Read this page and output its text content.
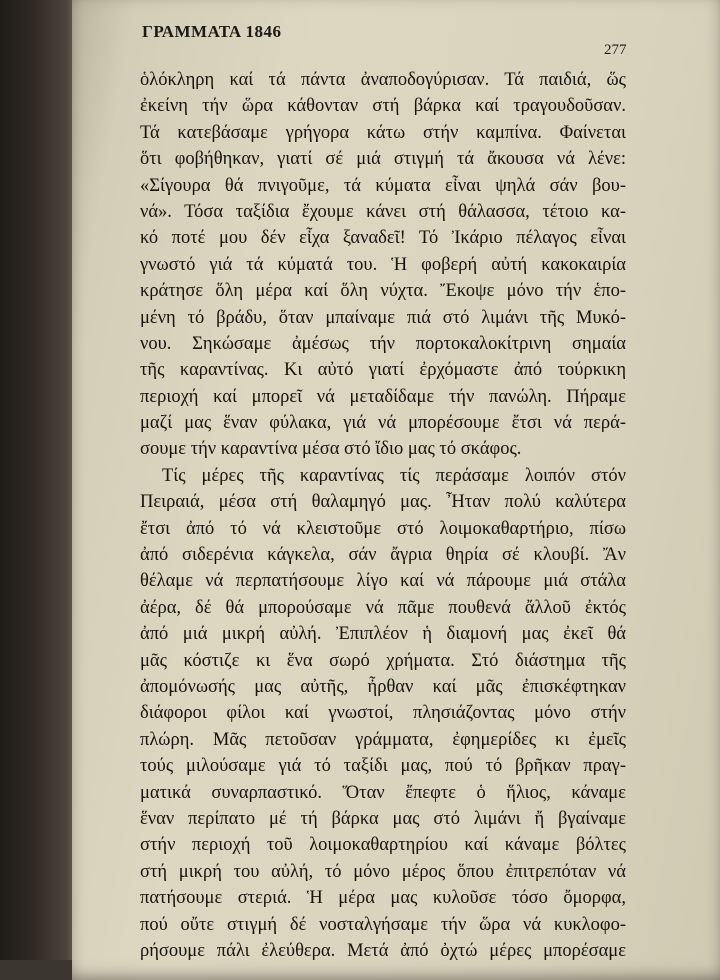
ΓΡΑΜΜΑΤΑ 1846
277
ὁλόκληρη καί τά πάντα ἀναποδογύρισαν. Τά παιδιά, ὥς
ἐκείνη τήν ὥρα κάθονταν στή βάρκα καί τραγουδοῦσαν.
Τά κατεβάσαμε γρήγορα κάτω στήν καμπίνα. Φαίνεται
ὅτι φοβήθηκαν, γιατί σέ μιά στιγμή τά ἄκουσα νά λένε:
«Σίγουρα θά πνιγοῦμε, τά κύματα εἶναι ψηλά σάν βου-
νά». Τόσα ταξίδια ἔχουμε κάνει στή θάλασσα, τέτοιο κα-
κό ποτέ μου δέν εἶχα ξαναδεῖ! Τό Ἰκάριο πέλαγος εἶναι
γνωστό γιά τά κύματά του. Ἡ φοβερή αὐτή κακοκαιρία
κράτησε ὅλη μέρα καί ὅλη νύχτα. Ἔκοψε μόνο τήν ἑπο-
μένη τό βράδυ, ὅταν μπαίναμε πιά στό λιμάνι τῆς Μυκό-
νου. Σηκώσαμε ἀμέσως τήν πορτοκαλοκίτρινη σημαία
τῆς καραντίνας. Κι αὐτό γιατί ἐρχόμαστε ἀπό τούρκικη
περιοχή καί μπορεῖ νά μεταδίδαμε τήν πανώλη. Πήραμε
μαζί μας ἕναν φύλακα, γιά νά μπορέσουμε ἔτσι νά περά-
σουμε τήν καραντίνα μέσα στό ἴδιο μας τό σκάφος.
Τίς μέρες τῆς καραντίνας τίς περάσαμε λοιπόν στόν
Πειραιά, μέσα στή θαλαμηγό μας. Ἦταν πολύ καλύτερα
ἔτσι ἀπό τό νά κλειστοῦμε στό λοιμοκαθαρτήριο, πίσω
ἀπό σιδερένια κάγκελα, σάν ἄγρια θηρία σέ κλουβί. Ἄν
θέλαμε νά περπατήσουμε λίγο καί νά πάρουμε μιά στάλα
ἀέρα, δέ θά μπορούσαμε νά πᾶμε πουθενά ἄλλοῦ ἐκτός
ἀπό μιά μικρή αὐλή. Ἐπιπλέον ἡ διαμονή μας ἐκεῖ θά
μᾶς κόστιζε κι ἕνα σωρό χρήματα. Στό διάστημα τῆς
ἀπομόνωσής μας αὐτῆς, ἦρθαν καί μᾶς ἐπισκέφτηκαν
διάφοροι φίλοι καί γνωστοί, πλησιάζοντας μόνο στήν
πλώρη. Μᾶς πετοῦσαν γράμματα, ἐφημερίδες κι ἐμεῖς
τούς μιλούσαμε γιά τό ταξίδι μας, πού τό βρῆκαν πραγ-
ματικά συναρπαστικό. Ὅταν ἔπεφτε ὁ ἥλιος, κάναμε
ἕναν περίπατο μέ τή βάρκα μας στό λιμάνι ἤ βγαίναμε
στήν περιοχή τοῦ λοιμοκαθαρτηρίου καί κάναμε βόλτες
στή μικρή του αὐλή, τό μόνο μέρος ὅπου ἐπιτρεπόταν νά
πατήσουμε στεριά. Ἡ μέρα μας κυλοῦσε τόσο ὄμορφα,
πού οὔτε στιγμή δέ νοσταλγήσαμε τήν ὥρα νά κυκλοφο-
ρήσουμε πάλι ἐλεύθερα. Μετά ἀπό ὀχτώ μέρες μπορέσαμε
